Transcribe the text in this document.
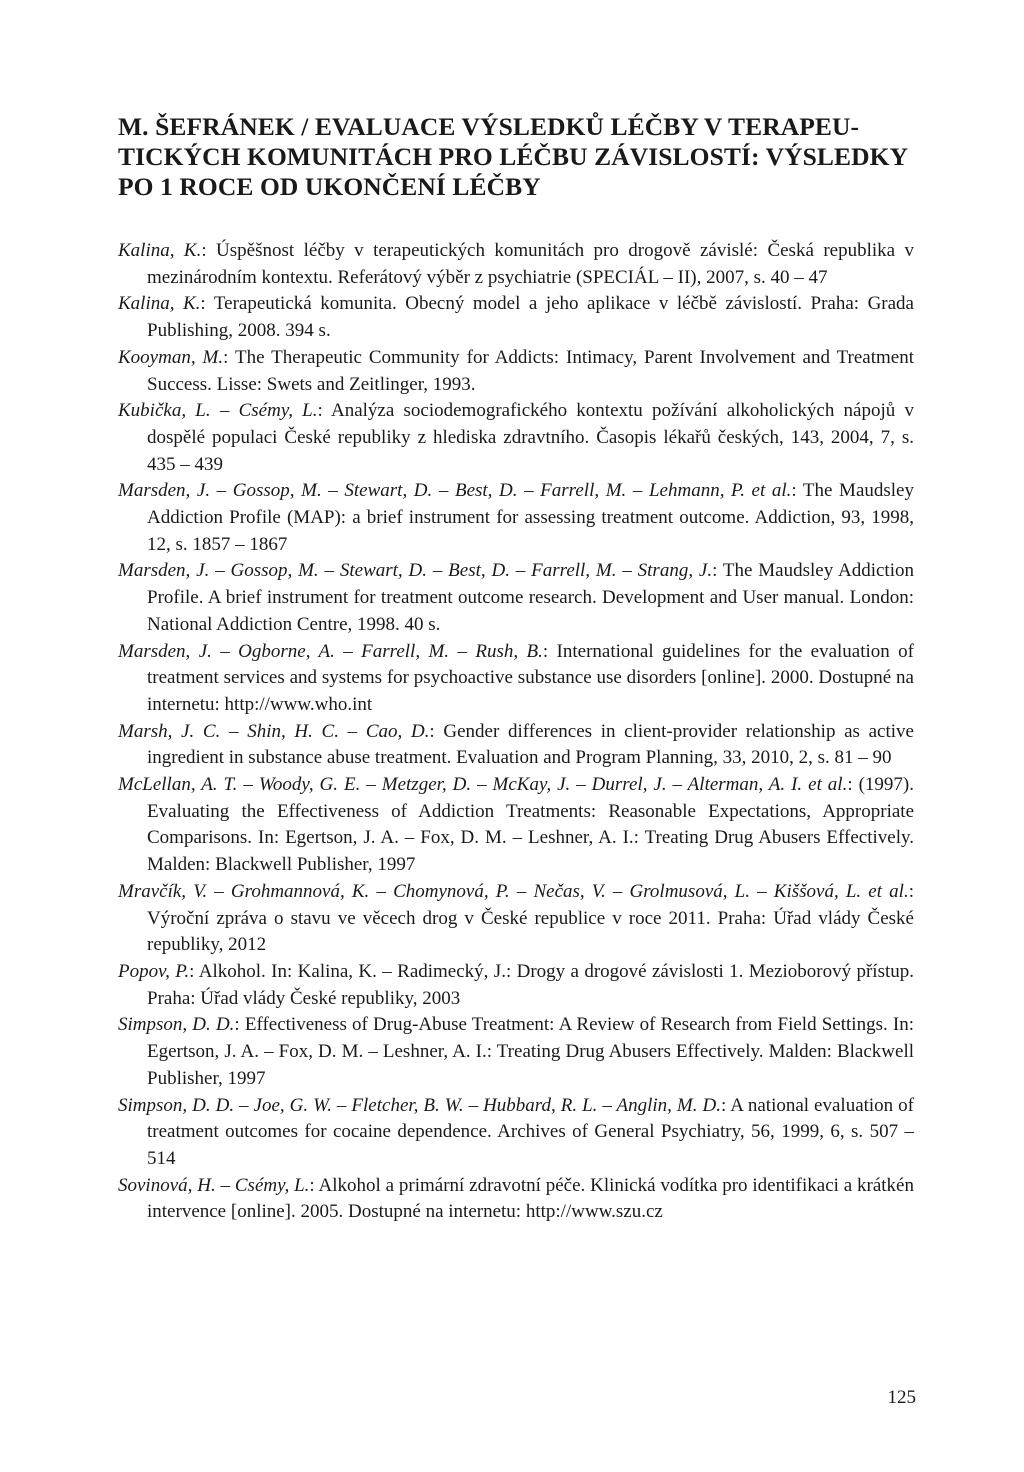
M. ŠEFRÁNEK / EVALUACE VÝSLEDKŮ LÉČBY V TERAPEU-
TICKÝCH KOMUNITÁCH PRO LÉČBU ZÁVISLOSTÍ: VÝSLEDKY
PO 1 ROCE OD UKONČENÍ LÉČBY
Kalina, K.: Úspěšnost léčby v terapeutických komunitách pro drogově závislé: Česká republika v mezinárodním kontextu. Referátový výběr z psychiatrie (SPECIÁL – II), 2007, s. 40 – 47
Kalina, K.: Terapeutická komunita. Obecný model a jeho aplikace v léčbě závislostí. Praha: Grada Publishing, 2008. 394 s.
Kooyman, M.: The Therapeutic Community for Addicts: Intimacy, Parent Involvement and Treatment Success. Lisse: Swets and Zeitlinger, 1993.
Kubička, L. – Csémy, L.: Analýza sociodemografického kontextu požívání alkoholických nápojů v dospělé populaci České republiky z hlediska zdravtního. Časopis lékařů českých, 143, 2004, 7, s. 435 – 439
Marsden, J. – Gossop, M. – Stewart, D. – Best, D. – Farrell, M. – Lehmann, P. et al.: The Maudsley Addiction Profile (MAP): a brief instrument for assessing treatment outcome. Addiction, 93, 1998, 12, s. 1857 – 1867
Marsden, J. – Gossop, M. – Stewart, D. – Best, D. – Farrell, M. – Strang, J.: The Maudsley Addiction Profile. A brief instrument for treatment outcome research. Development and User manual. London: National Addiction Centre, 1998. 40 s.
Marsden, J. – Ogborne, A. – Farrell, M. – Rush, B.: International guidelines for the evaluation of treatment services and systems for psychoactive substance use disorders [online]. 2000. Dostupné na internetu: http://www.who.int
Marsh, J. C. – Shin, H. C. – Cao, D.: Gender differences in client-provider relationship as active ingredient in substance abuse treatment. Evaluation and Program Planning, 33, 2010, 2, s. 81 – 90
McLellan, A. T. – Woody, G. E. – Metzger, D. – McKay, J. – Durrel, J. – Alterman, A. I. et al.: (1997). Evaluating the Effectiveness of Addiction Treatments: Reasonable Expectations, Appropriate Comparisons. In: Egertson, J. A. – Fox, D. M. – Leshner, A. I.: Treating Drug Abusers Effectively. Malden: Blackwell Publisher, 1997
Mravčík, V. – Grohmannová, K. – Chomynová, P. – Nečas, V. – Grolmusová, L. – Kiššová, L. et al.: Výroční zpráva o stavu ve věcech drog v České republice v roce 2011. Praha: Úřad vlády České republiky, 2012
Popov, P.: Alkohol. In: Kalina, K. – Radimecký, J.: Drogy a drogové závislosti 1. Mezioborový přístup. Praha: Úřad vlády České republiky, 2003
Simpson, D. D.: Effectiveness of Drug-Abuse Treatment: A Review of Research from Field Settings. In: Egertson, J. A. – Fox, D. M. – Leshner, A. I.: Treating Drug Abusers Effectively. Malden: Blackwell Publisher, 1997
Simpson, D. D. – Joe, G. W. – Fletcher, B. W. – Hubbard, R. L. – Anglin, M. D.: A national evaluation of treatment outcomes for cocaine dependence. Archives of General Psychiatry, 56, 1999, 6, s. 507 – 514
Sovinová, H. – Csémy, L.: Alkohol a primární zdravotní péče. Klinická vodítka pro identifikaci a krátkén intervence [online]. 2005. Dostupné na internetu: http://www.szu.cz
125
